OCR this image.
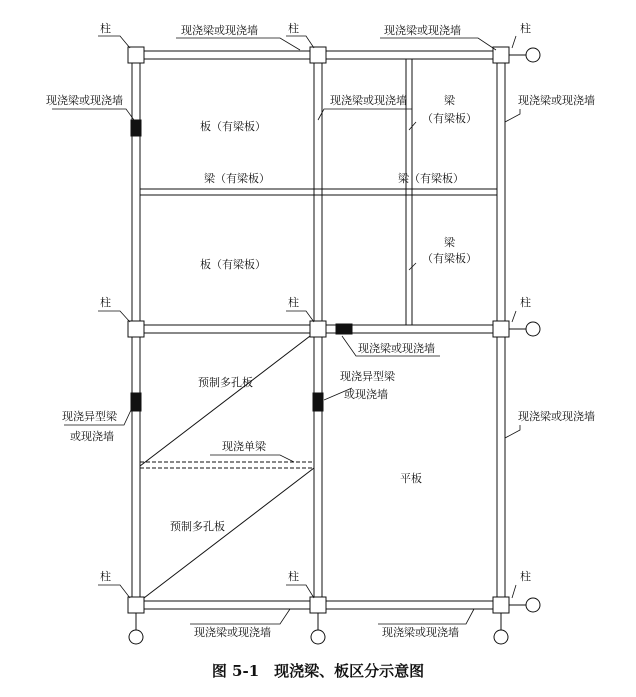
柱	现浇梁或现浇墙	柱	现浇梁或现浇墙	柱
现浇梁或现浇墙	现浇梁或现浇墙	梁
（有梁板）
现浇梁或现浇墙
板（有梁板）
梁（有梁板）	梁（有梁板）
梁
（有梁板）
板（有梁板）
柱	柱	柱
现浇梁或现浇墙
预制多孔板	现浇异型梁
或现浇墙
现浇异型梁
或现浇墙
现浇梁或现浇墙
现浇单梁
平板
预制多孔板
柱	柱	柱
现浇梁或现浇墙	现浇梁或现浇墙
图 5-1　现浇梁、板区分示意图
